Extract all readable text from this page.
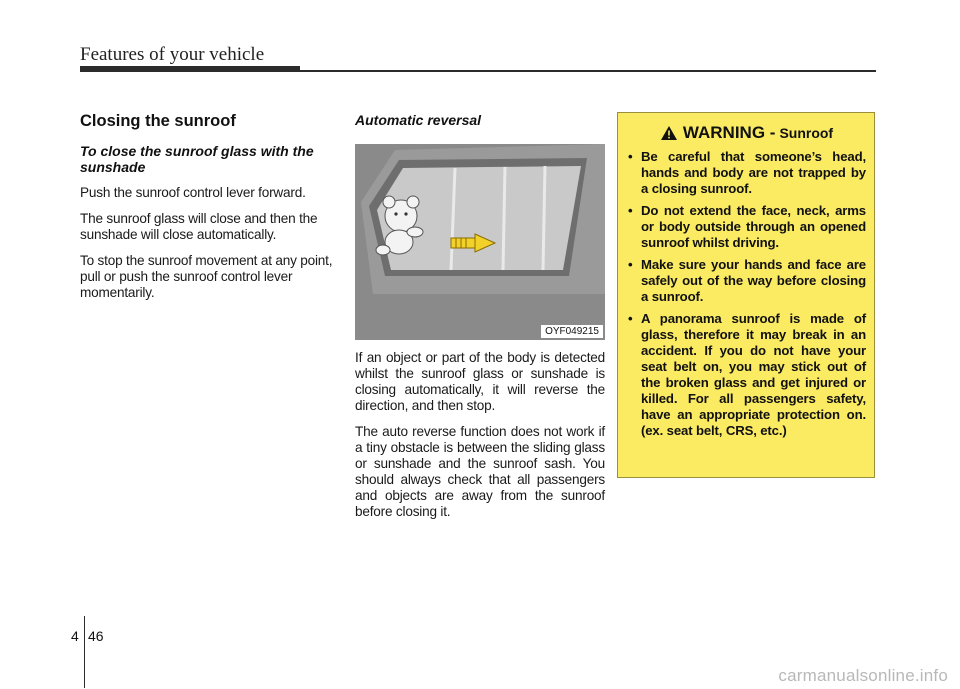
Features of your vehicle
Closing the sunroof
To close the sunroof glass with the sunshade

Push the sunroof control lever forward.

The sunroof glass will close and then the sunshade will close automatically.

To stop the sunroof movement at any point, pull or push the sunroof control lever momentarily.

Automatic reversal
OYF049215

If an object or part of the body is detected whilst the sunroof glass or sunshade is closing automatically, it will reverse the direction, and then stop.

The auto reverse function does not work if a tiny obstacle is between the sliding glass or sunshade and the sunroof sash. You should always check that all passengers and objects are away from the sunroof before closing it.

WARNING - Sunroof
• Be careful that someone’s head, hands and body are not trapped by a closing sunroof.
• Do not extend the face, neck, arms or body outside through an opened sunroof whilst driving.
• Make sure your hands and face are safely out of the way before closing a sunroof.
• A panorama sunroof is made of glass, therefore it may break in an accident. If you do not have your seat belt on, you may stick out of the broken glass and get injured or killed. For all passengers safety, have an appropriate protection on. (ex. seat belt, CRS, etc.)
4 46
carmanualsonline.info
